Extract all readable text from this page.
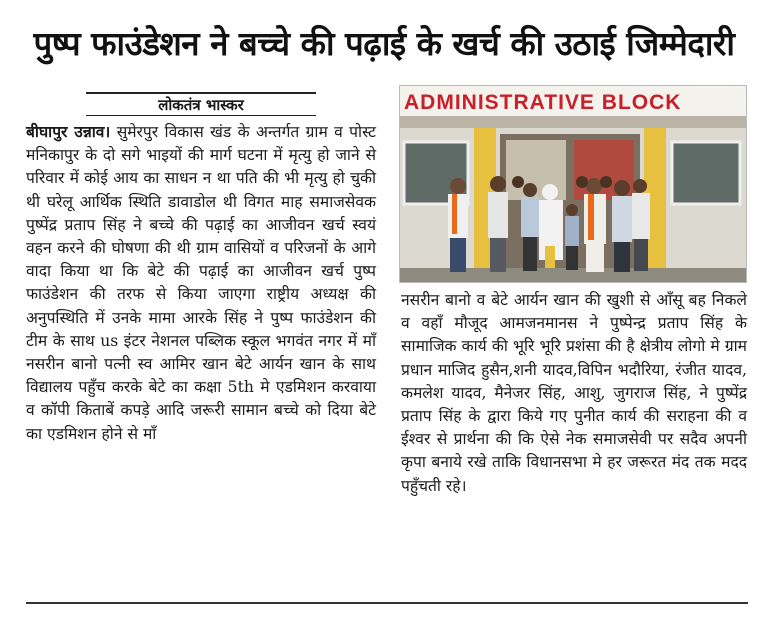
पुष्प फाउंडेशन ने बच्चे की पढ़ाई के खर्च की उठाई जिम्मेदारी
लोकतंत्र भास्कर

बीघापुर उन्नाव। सुमेरपुर विकास खंड के अन्तर्गत ग्राम व पोस्ट मनिकापुर के दो सगे भाइयों की मार्ग घटना में मृत्यु हो जाने से परिवार में कोई आय का साधन न था पति की भी मृत्यु हो चुकी थी घरेलू आर्थिक स्थिति डावाडोल थी विगत माह समाजसेवक पुष्पेंद्र प्रताप सिंह ने बच्चे की पढ़ाई का आजीवन खर्च स्वयं वहन करने की घोषणा की थी ग्राम वासियों व परिजनों के आगे वादा किया था कि बेटे की पढ़ाई का आजीवन खर्च पुष्प फाउंडेशन की तरफ से किया जाएगा राष्ट्रीय अध्यक्ष की अनुपस्थिति में उनके मामा आरके सिंह ने पुष्प फाउंडेशन की टीम के साथ us इंटर नेशनल पब्लिक स्कूल भगवंत नगर में माँ नसरीन बानो पत्नी स्व आमिर खान बेटे आर्यन खान के साथ विद्यालय पहुँच करके बेटे का कक्षा 5th मे एडमिशन करवाया व कॉपी किताबें कपड़े आदि जरूरी सामान बच्चे को दिया बेटे का एडमिशन होने से माँ

ADMINISTRATIVE BLOCK

नसरीन बानो व बेटे आर्यन खान की खुशी से आँसू बह निकले व वहाँ मौजूद आमजनमानस ने पुष्पेन्द्र प्रताप सिंह के सामाजिक कार्य की भूरि भूरि प्रशंसा की है क्षेत्रीय लोगो मे ग्राम प्रधान माजिद हुसैन,शनी यादव,विपिन भदौरिया, रंजीत यादव, कमलेश यादव, मैनेजर सिंह, आशु, जुगराज सिंह, ने पुष्पेंद्र प्रताप सिंह के द्वारा किये गए पुनीत कार्य की सराहना की व ईश्वर से प्रार्थना की कि ऐसे नेक समाजसेवी पर सदैव अपनी कृपा बनाये रखे ताकि विधानसभा मे हर जरूरत मंद तक मदद पहुँचती रहे।
